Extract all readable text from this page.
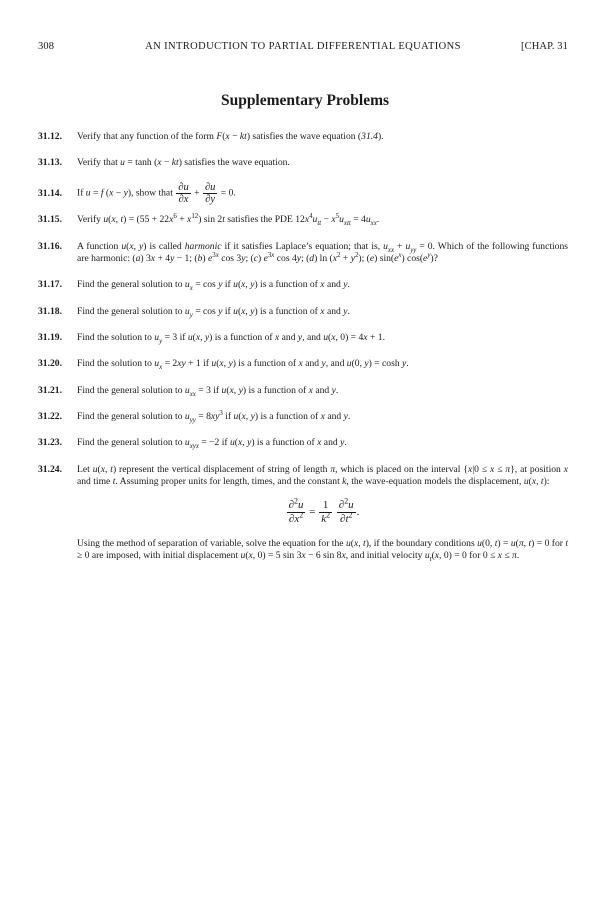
308	AN INTRODUCTION TO PARTIAL DIFFERENTIAL EQUATIONS	[CHAP. 31
Supplementary Problems
31.12. Verify that any function of the form F(x − kt) satisfies the wave equation (31.4).
31.13. Verify that u = tanh (x − kt) satisfies the wave equation.
31.14. If u = f (x − y), show that $\frac{\partial u}{\partial x} + \frac{\partial u}{\partial y} = 0$.
31.15. Verify u(x, $t) = (55 + 22x^6 + x^{12})$ sin 2t satisfies the PDE $12x^4u_{tt} - x^5u_{xtt} = 4u_{xx}$.
31.16. A function u(x, y) is called harmonic if it satisfies Laplace’s equation; that is, $u_{xx} + u_{yy} = 0$. Which of the following functions are harmonic: (a) 3x + 4y − 1; (b) $e^{3x}$ cos 3y; (c) $e^{3x}$ cos 4y; (d) $\ln (x^2 + y^2)$; (e) $\sin(e^x)$ $\cos(e^y)$?
31.17. Find the general solution to $u_x = \cos y$ if u(x, y) is a function of x and y.
31.18. Find the general solution to $u_y = \cos y$ if u(x, y) is a function of x and y.
31.19. Find the solution to $u_y = 3$ if u(x, y) is a function of x and y, and u(x, 0) = 4x + 1.
31.20. Find the solution to $u_x = 2xy + 1$ if u(x, y) is a function of x and y, and u(0, y) = cosh y.
31.21. Find the general solution to $u_{xx} = 3$ if u(x, y) is a function of x and y.
31.22. Find the general solution to $u_{yy} = 8xy^3$ if u(x, y) is a function of x and y.
31.23. Find the general solution to $u_{xyx} = -2$ if u(x, y) is a function of x and y.
31.24. Let u(x, t) represent the vertical displacement of string of length π, which is placed on the interval {x|0 ≤ x ≤ π}, at position x and time t. Assuming proper units for length, times, and the constant k, the wave-equation models the displacement, u(x, t):
$\frac{\partial^2u}{\partial x^2} = \frac{1}{k^2}$
$\frac{\partial^2u}{\partial t^2}$ .
Using the method of separation of variable, solve the equation for the u(x, t), if the boundary conditions u(0, t) = u(π, t) = 0 for t ≥ 0 are imposed, with initial displacement u(x, 0) = 5 sin 3x − 6 sin 8x, and initial velocity $u_t(x$, 0) = 0 for 0 ≤ x ≤ π.
